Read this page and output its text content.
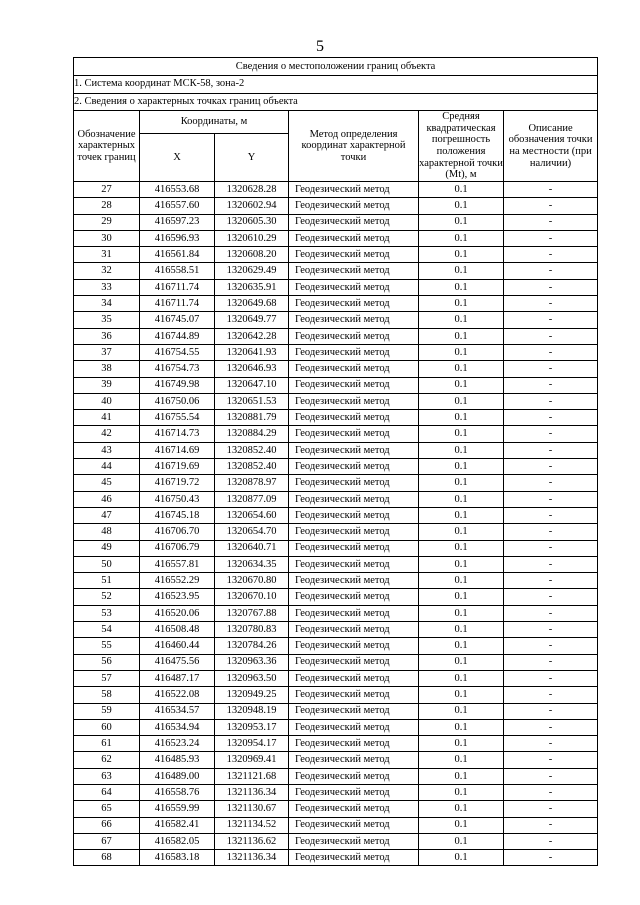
5
Сведения о местоположении границ объекта					
1. Система координат МСК-58, зона-2					
2. Сведения о характерных точках границ объекта					
Обозначение характерных точек границ	Координаты, м		Метод определения координат характерной точки	Средняя квадратическая погрешность положения характерной точки (Mt), м	Описание обозначения точки на местности (при наличии)
	X	Y			
27	416553.68	1320628.28	Геодезический метод	0.1	-
28	416557.60	1320602.94	Геодезический метод	0.1	-
29	416597.23	1320605.30	Геодезический метод	0.1	-
30	416596.93	1320610.29	Геодезический метод	0.1	-
31	416561.84	1320608.20	Геодезический метод	0.1	-
32	416558.51	1320629.49	Геодезический метод	0.1	-
33	416711.74	1320635.91	Геодезический метод	0.1	-
34	416711.74	1320649.68	Геодезический метод	0.1	-
35	416745.07	1320649.77	Геодезический метод	0.1	-
36	416744.89	1320642.28	Геодезический метод	0.1	-
37	416754.55	1320641.93	Геодезический метод	0.1	-
38	416754.73	1320646.93	Геодезический метод	0.1	-
39	416749.98	1320647.10	Геодезический метод	0.1	-
40	416750.06	1320651.53	Геодезический метод	0.1	-
41	416755.54	1320881.79	Геодезический метод	0.1	-
42	416714.73	1320884.29	Геодезический метод	0.1	-
43	416714.69	1320852.40	Геодезический метод	0.1	-
44	416719.69	1320852.40	Геодезический метод	0.1	-
45	416719.72	1320878.97	Геодезический метод	0.1	-
46	416750.43	1320877.09	Геодезический метод	0.1	-
47	416745.18	1320654.60	Геодезический метод	0.1	-
48	416706.70	1320654.70	Геодезический метод	0.1	-
49	416706.79	1320640.71	Геодезический метод	0.1	-
50	416557.81	1320634.35	Геодезический метод	0.1	-
51	416552.29	1320670.80	Геодезический метод	0.1	-
52	416523.95	1320670.10	Геодезический метод	0.1	-
53	416520.06	1320767.88	Геодезический метод	0.1	-
54	416508.48	1320780.83	Геодезический метод	0.1	-
55	416460.44	1320784.26	Геодезический метод	0.1	-
56	416475.56	1320963.36	Геодезический метод	0.1	-
57	416487.17	1320963.50	Геодезический метод	0.1	-
58	416522.08	1320949.25	Геодезический метод	0.1	-
59	416534.57	1320948.19	Геодезический метод	0.1	-
60	416534.94	1320953.17	Геодезический метод	0.1	-
61	416523.24	1320954.17	Геодезический метод	0.1	-
62	416485.93	1320969.41	Геодезический метод	0.1	-
63	416489.00	1321121.68	Геодезический метод	0.1	-
64	416558.76	1321136.34	Геодезический метод	0.1	-
65	416559.99	1321130.67	Геодезический метод	0.1	-
66	416582.41	1321134.52	Геодезический метод	0.1	-
67	416582.05	1321136.62	Геодезический метод	0.1	-
68	416583.18	1321136.34	Геодезический метод	0.1	-
